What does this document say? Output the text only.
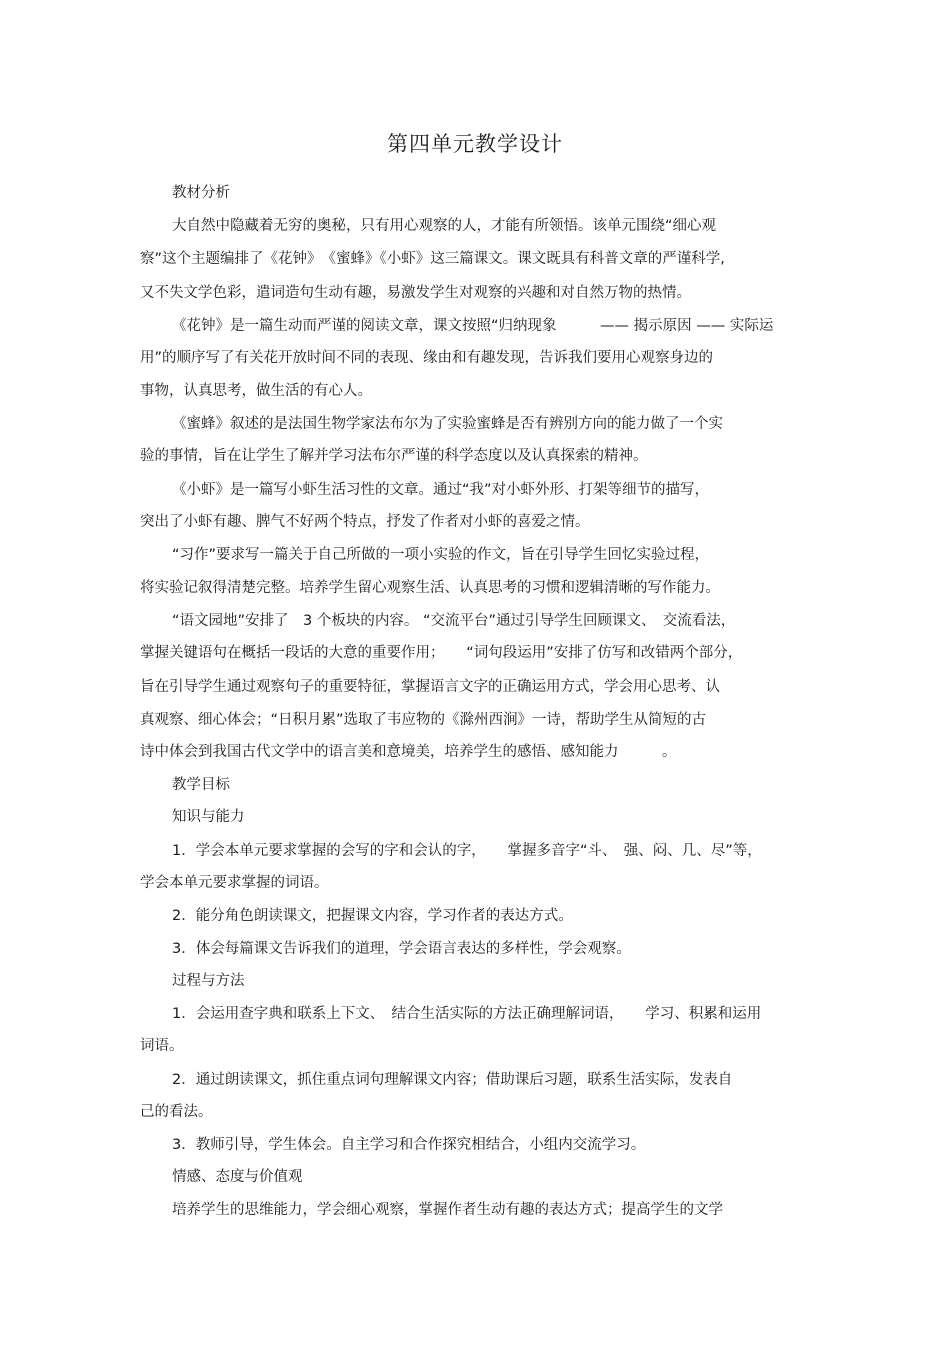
第四单元教学设计
教材分析
大自然中隐藏着无穷的奥秘，只有用心观察的人，才能有所领悟。该单元围绕“细心观
察”这个主题编排了《花钟》　《蜜蜂》《小虾》这三篇课文。课文既具有科普文章的严谨科学,
又不失文学色彩，遣词造句生动有趣，易激发学生对观察的兴趣和对自然万物的热情。
《花钟》是一篇生动而严谨的阅读文章，课文按照“归纳现象　　　—— 揭示原因 —— 实际运
用”的顺序写了有关花开放时间不同的表现、缘由和有趣发现，告诉我们要用心观察身边的
事物，认真思考，做生活的有心人。
《蜜蜂》叙述的是法国生物学家法布尔为了实验蜜蜂是否有辨别方向的能力做了一个实
验的事情，旨在让学生了解并学习法布尔严谨的科学态度以及认真探索的精神。
《小虾》是一篇写小虾生活习性的文章。通过“我”对小虾外形、打架等细节的描写，
突出了小虾有趣、脾气不好两个特点，抒发了作者对小虾的喜爱之情。
“习作”要求写一篇关于自己所做的一项小实验的作文，旨在引导学生回忆实验过程，
将实验记叙得清楚完整。培养学生留心观察生活、认真思考的习惯和逻辑清晰的写作能力。
“语文园地”安排了　3 个板块的内容。 “交流平台”通过引导学生回顾课文、　交流看法，
掌握关键语句在概括一段话的大意的重要作用；　　“词句段运用”安排了仿写和改错两个部分，
旨在引导学生通过观察句子的重要特征，掌握语言文字的正确运用方式，学会用心思考、认
真观察、细心体会；“日积月累”选取了韦应物的《滁州西涧》一诗，帮助学生从简短的古
诗中体会到我国古代文学中的语言美和意境美，培养学生的感悟、感知能力　　　。
教学目标
知识与能力
1．学会本单元要求掌握的会写的字和会认的字，　　掌握多音字“斗、　强、闷、几、尽”等，
学会本单元要求掌握的词语。
2．能分角色朗读课文，把握课文内容，学习作者的表达方式。
3．体会每篇课文告诉我们的道理，学会语言表达的多样性，学会观察。
过程与方法
1．会运用查字典和联系上下文、　结合生活实际的方法正确理解词语，　　学习、积累和运用
词语。
2．通过朗读课文，抓住重点词句理解课文内容；借助课后习题，联系生活实际，发表自
己的看法。
3．教师引导，学生体会。自主学习和合作探究相结合，小组内交流学习。
情感、态度与价值观
培养学生的思维能力，学会细心观察，掌握作者生动有趣的表达方式；提高学生的文学
